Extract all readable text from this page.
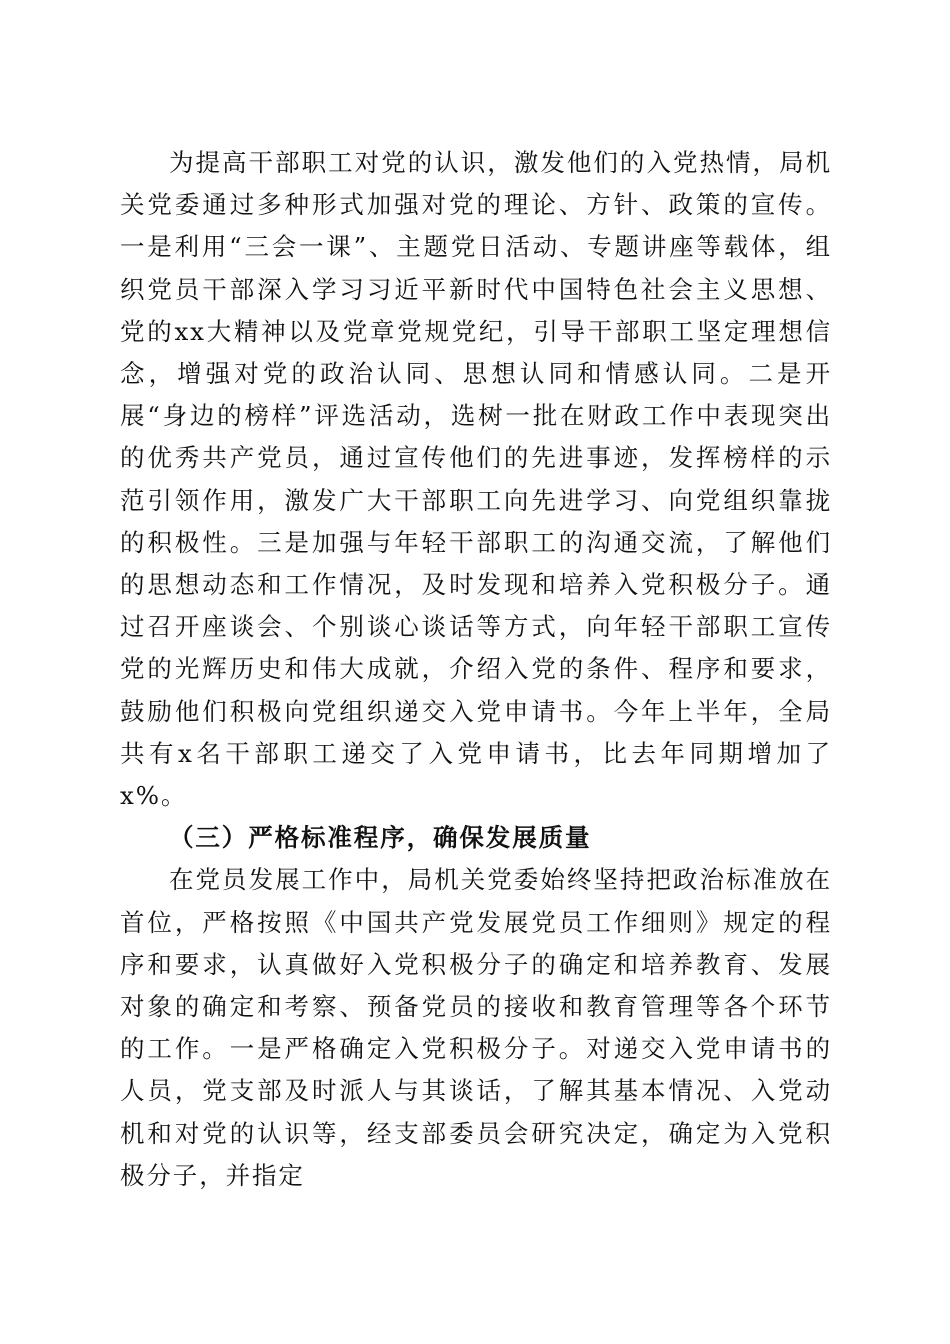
为提高干部职工对党的认识，激发他们的入党热情，局机关党委通过多种形式加强对党的理论、方针、政策的宣传。一是利用“三会一课”、主题党日活动、专题讲座等载体，组织党员干部深入学习习近平新时代中国特色社会主义思想、党的xx大精神以及党章党规党纪，引导干部职工坚定理想信念，增强对党的政治认同、思想认同和情感认同。二是开展“身边的榜样”评选活动，选树一批在财政工作中表现突出的优秀共产党员，通过宣传他们的先进事迹，发挥榜样的示范引领作用，激发广大干部职工向先进学习、向党组织靠拢的积极性。三是加强与年轻干部职工的沟通交流，了解他们的思想动态和工作情况，及时发现和培养入党积极分子。通过召开座谈会、个别谈心谈话等方式，向年轻干部职工宣传党的光辉历史和伟大成就，介绍入党的条件、程序和要求，鼓励他们积极向党组织递交入党申请书。今年上半年，全局共有x名干部职工递交了入党申请书，比去年同期增加了x%。

（三）严格标准程序，确保发展质量

在党员发展工作中，局机关党委始终坚持把政治标准放在首位，严格按照《中国共产党发展党员工作细则》规定的程序和要求，认真做好入党积极分子的确定和培养教育、发展对象的确定和考察、预备党员的接收和教育管理等各个环节的工作。一是严格确定入党积极分子。对递交入党申请书的人员，党支部及时派人与其谈话，了解其基本情况、入党动机和对党的认识等，经支部委员会研究决定，确定为入党积极分子，并指定
